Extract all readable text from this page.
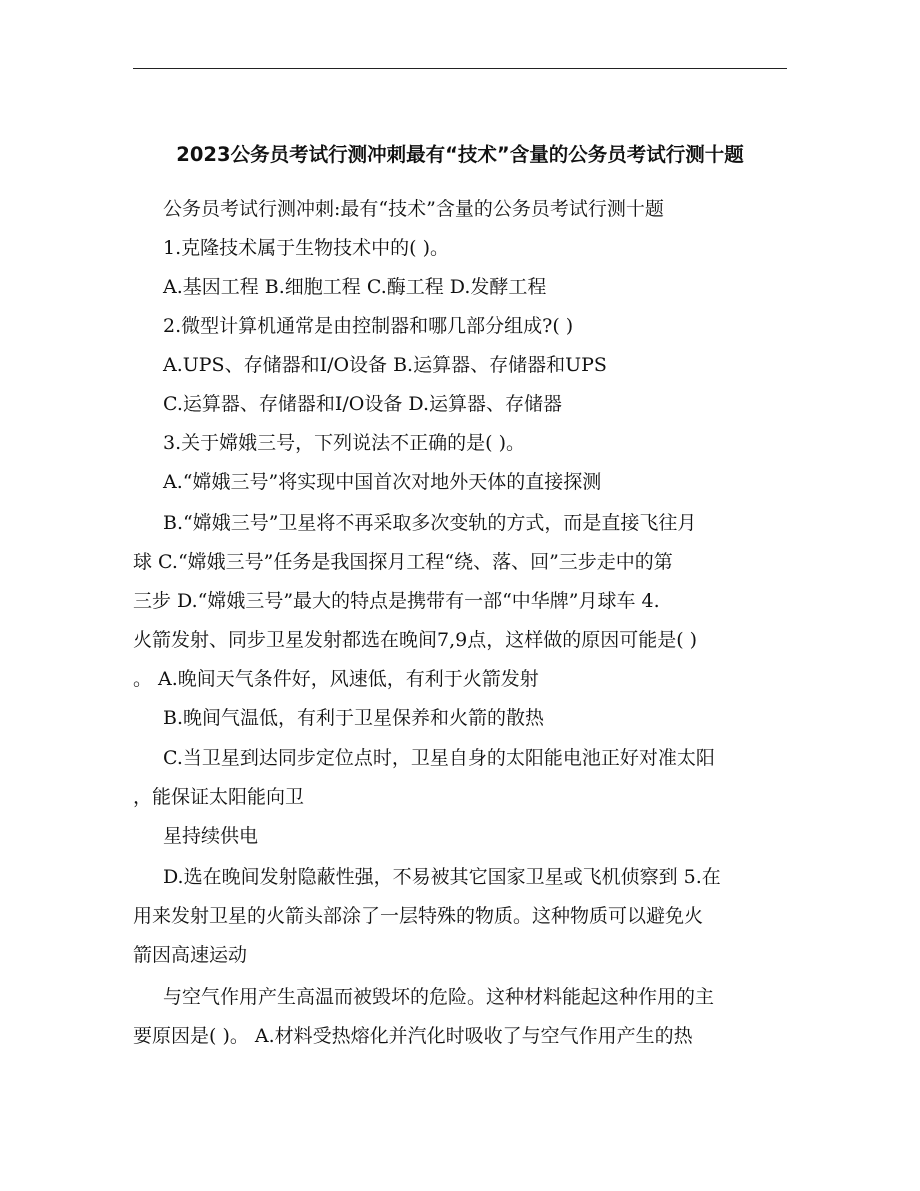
2023公务员考试行测冲刺最有“技术”含量的公务员考试行测十题
公务员考试行测冲刺:最有“技术”含量的公务员考试行测十题
1.克隆技术属于生物技术中的( )。
A.基因工程 B.细胞工程 C.酶工程 D.发酵工程
2.微型计算机通常是由控制器和哪几部分组成?( )
A.UPS、存储器和I/O设备 B.运算器、存储器和UPS
C.运算器、存储器和I/O设备 D.运算器、存储器
3.关于嫦娥三号，下列说法不正确的是( )。
A.“嫦娥三号”将实现中国首次对地外天体的直接探测
B.“嫦娥三号”卫星将不再采取多次变轨的方式，而是直接飞往月
球 C.“嫦娥三号”任务是我国探月工程“绕、落、回”三步走中的第
三步 D.“嫦娥三号”最大的特点是携带有一部“中华牌”月球车 4.
火箭发射、同步卫星发射都选在晚间7,9点，这样做的原因可能是( )
。 A.晚间天气条件好，风速低，有利于火箭发射
B.晚间气温低，有利于卫星保养和火箭的散热
C.当卫星到达同步定位点时，卫星自身的太阳能电池正好对准太阳
，能保证太阳能向卫
星持续供电
D.选在晚间发射隐蔽性强，不易被其它国家卫星或飞机侦察到 5.在
用来发射卫星的火箭头部涂了一层特殊的物质。这种物质可以避免火
箭因高速运动
与空气作用产生高温而被毁坏的危险。这种材料能起这种作用的主
要原因是( )。 A.材料受热熔化并汽化时吸收了与空气作用产生的热
